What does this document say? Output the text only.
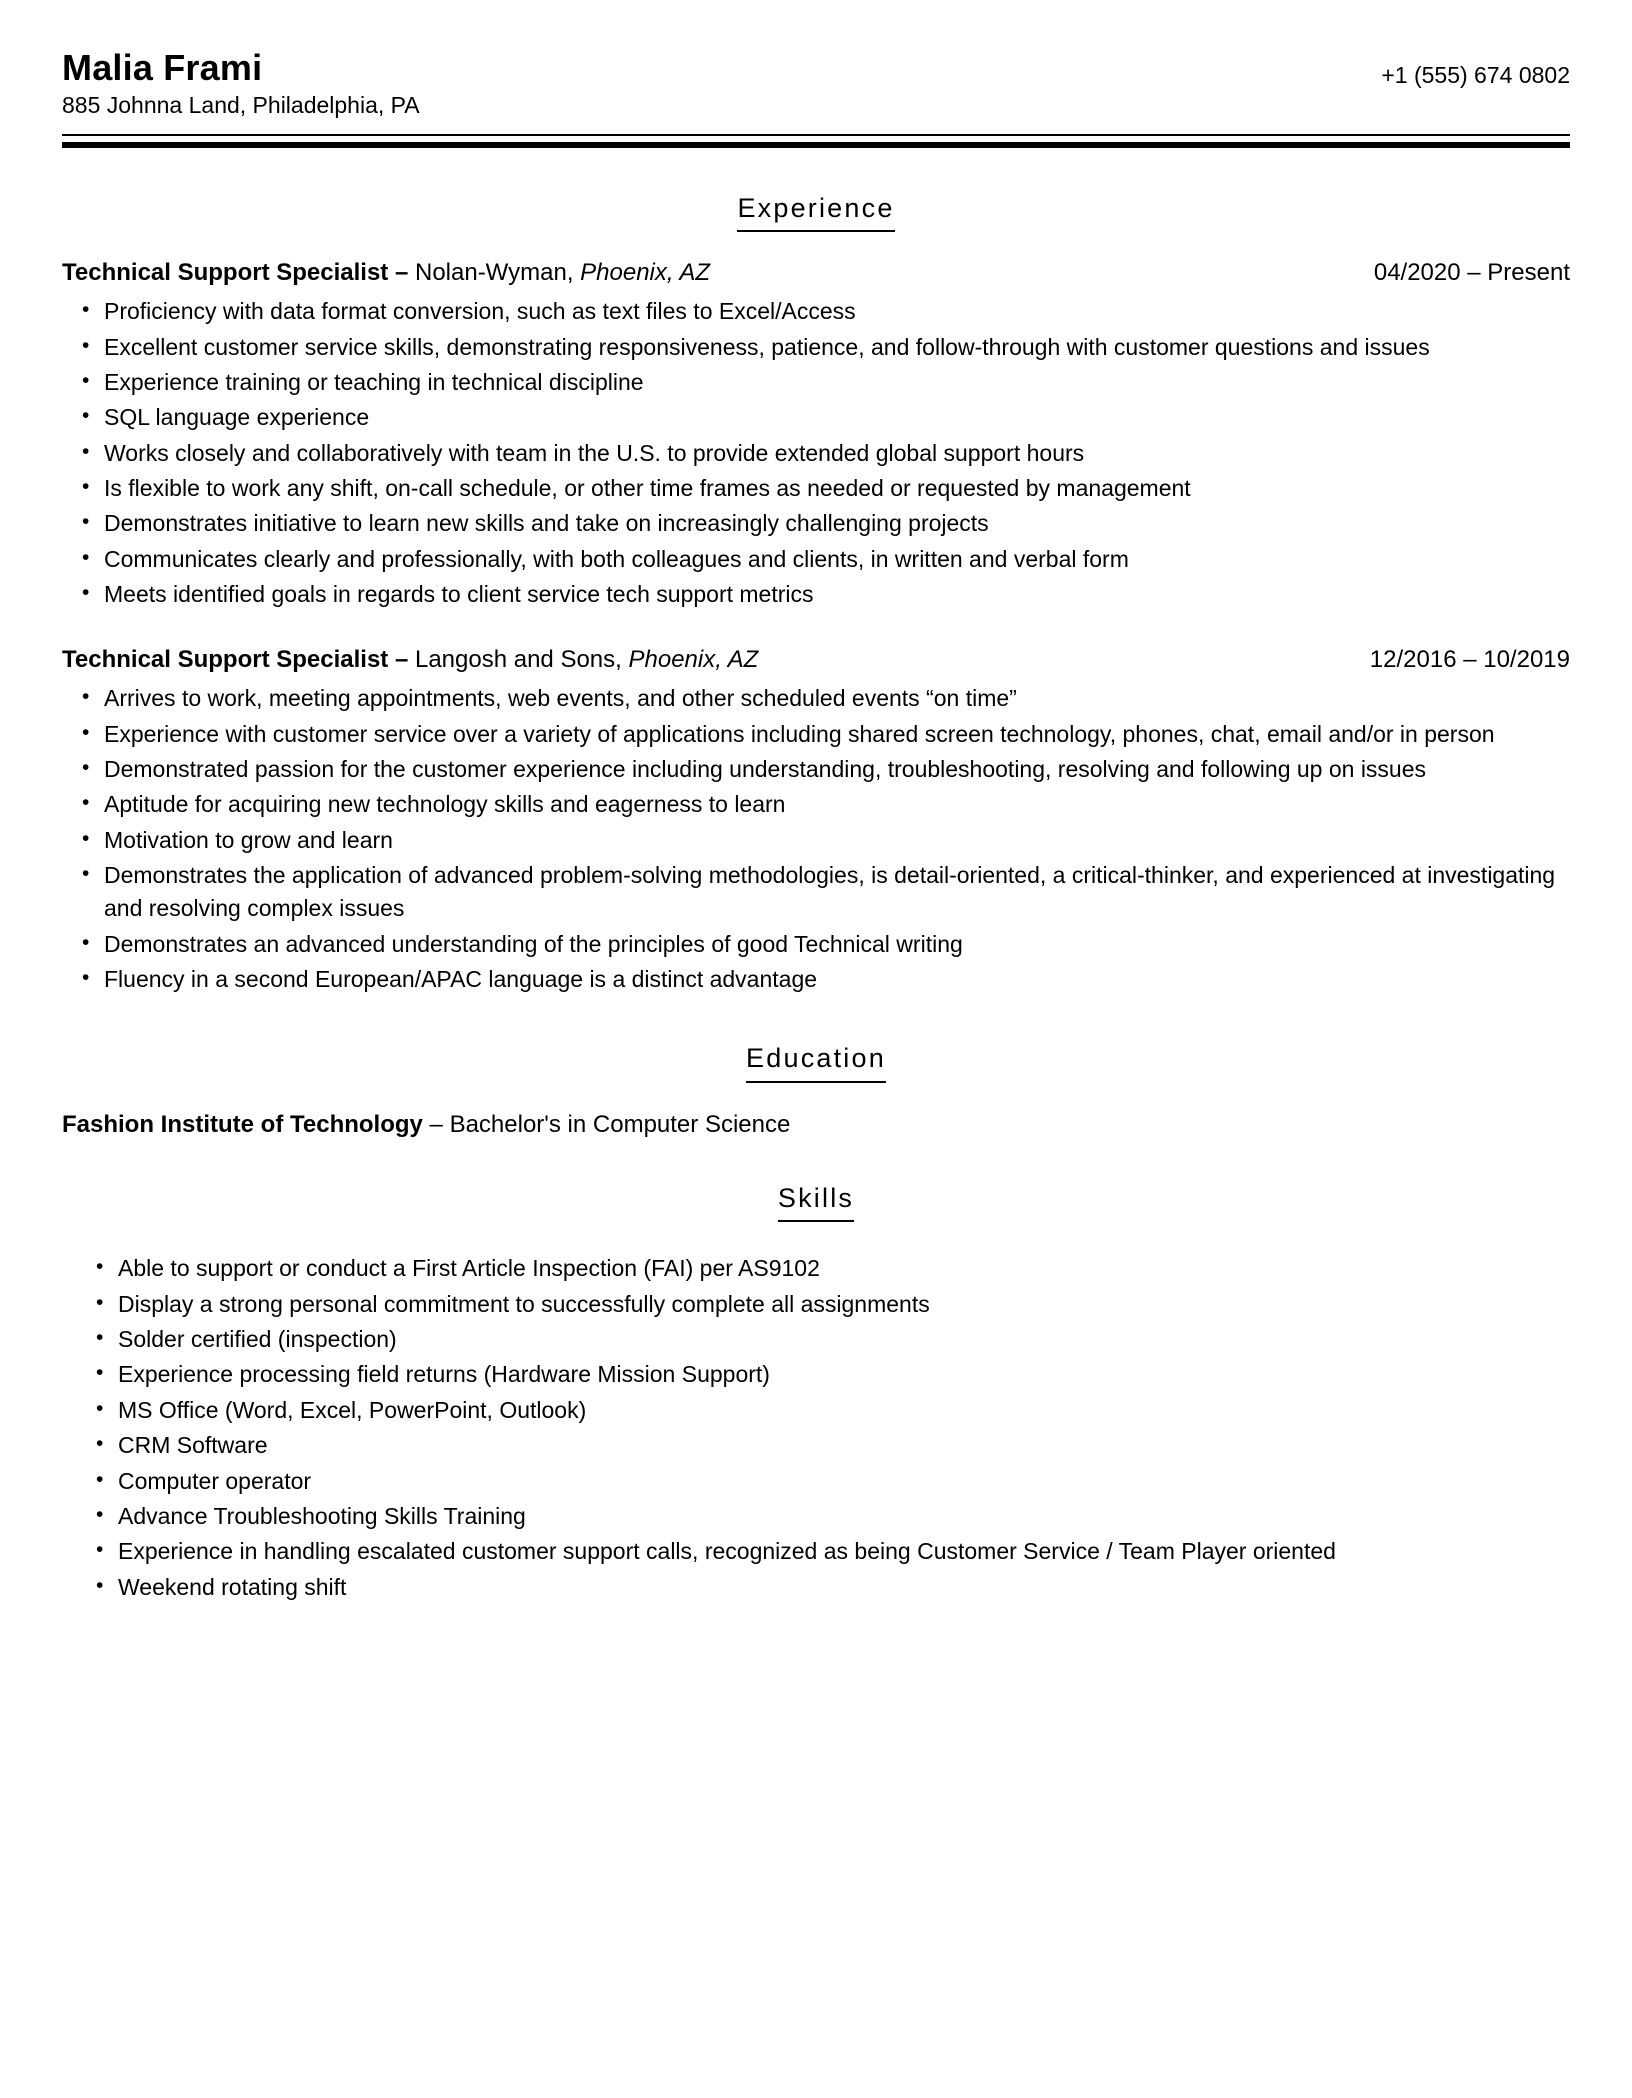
Malia Frami
885 Johnna Land, Philadelphia, PA
+1 (555) 674 0802
Experience
Technical Support Specialist – Nolan-Wyman, Phoenix, AZ	04/2020 – Present
• Proficiency with data format conversion, such as text files to Excel/Access
• Excellent customer service skills, demonstrating responsiveness, patience, and follow-through with customer questions and issues
• Experience training or teaching in technical discipline
• SQL language experience
• Works closely and collaboratively with team in the U.S. to provide extended global support hours
• Is flexible to work any shift, on-call schedule, or other time frames as needed or requested by management
• Demonstrates initiative to learn new skills and take on increasingly challenging projects
• Communicates clearly and professionally, with both colleagues and clients, in written and verbal form
• Meets identified goals in regards to client service tech support metrics
Technical Support Specialist – Langosh and Sons, Phoenix, AZ	12/2016 – 10/2019
• Arrives to work, meeting appointments, web events, and other scheduled events “on time”
• Experience with customer service over a variety of applications including shared screen technology, phones, chat, email and/or in person
• Demonstrated passion for the customer experience including understanding, troubleshooting, resolving and following up on issues
• Aptitude for acquiring new technology skills and eagerness to learn
• Motivation to grow and learn
• Demonstrates the application of advanced problem-solving methodologies, is detail-oriented, a critical-thinker, and experienced at investigating and resolving complex issues
• Demonstrates an advanced understanding of the principles of good Technical writing
• Fluency in a second European/APAC language is a distinct advantage
Education
Fashion Institute of Technology – Bachelor's in Computer Science
Skills
• Able to support or conduct a First Article Inspection (FAI) per AS9102
• Display a strong personal commitment to successfully complete all assignments
• Solder certified (inspection)
• Experience processing field returns (Hardware Mission Support)
• MS Office (Word, Excel, PowerPoint, Outlook)
• CRM Software
• Computer operator
• Advance Troubleshooting Skills Training
• Experience in handling escalated customer support calls, recognized as being Customer Service / Team Player oriented
• Weekend rotating shift
